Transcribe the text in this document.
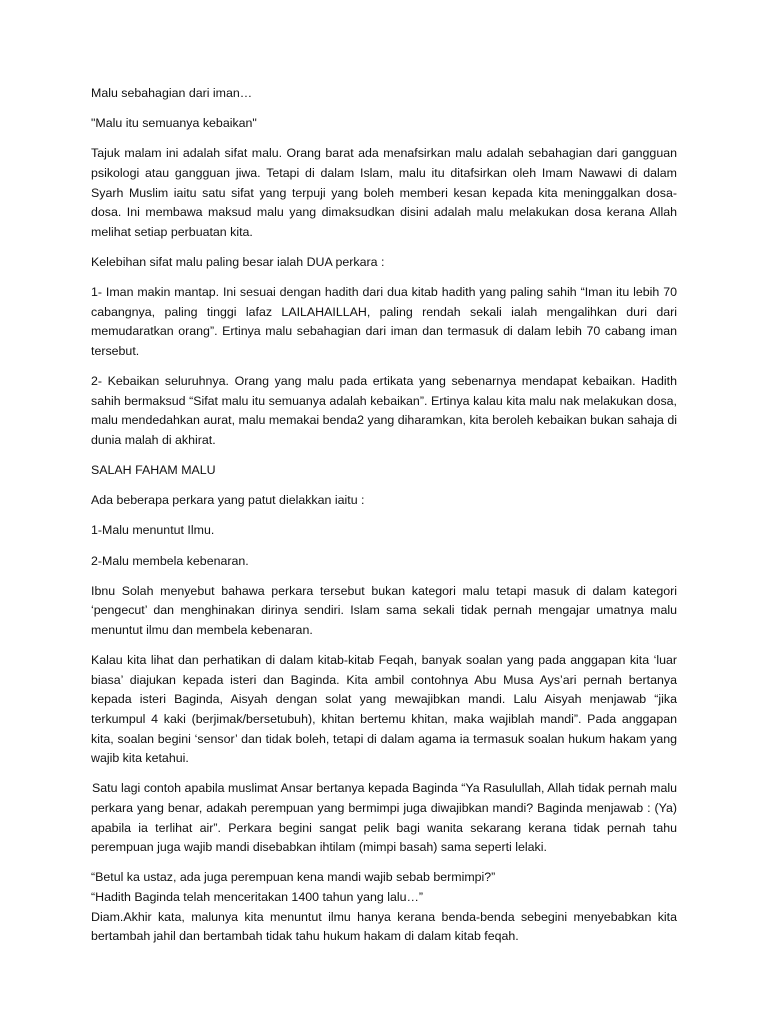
Malu sebahagian dari iman…

"Malu itu semuanya kebaikan"

Tajuk malam ini adalah sifat malu. Orang barat ada menafsirkan malu adalah sebahagian dari gangguan psikologi atau gangguan jiwa. Tetapi di dalam Islam, malu itu ditafsirkan oleh Imam Nawawi di dalam Syarh Muslim iaitu satu sifat yang terpuji yang boleh memberi kesan kepada kita meninggalkan dosa-dosa. Ini membawa maksud malu yang dimaksudkan disini adalah malu melakukan dosa kerana Allah melihat setiap perbuatan kita.

Kelebihan sifat malu paling besar ialah DUA perkara :

1- Iman makin mantap. Ini sesuai dengan hadith dari dua kitab hadith yang paling sahih “Iman itu lebih 70 cabangnya, paling tinggi lafaz LAILAHAILLAH, paling rendah sekali ialah mengalihkan duri dari memudaratkan orang”. Ertinya malu sebahagian dari iman dan termasuk di dalam lebih 70 cabang iman tersebut.

2- Kebaikan seluruhnya. Orang yang malu pada ertikata yang sebenarnya mendapat kebaikan. Hadith sahih bermaksud “Sifat malu itu semuanya adalah kebaikan”. Ertinya kalau kita malu nak melakukan dosa, malu mendedahkan aurat, malu memakai benda2 yang diharamkan, kita beroleh kebaikan bukan sahaja di dunia malah di akhirat.

SALAH FAHAM MALU

Ada beberapa perkara yang patut dielakkan iaitu :

1-Malu menuntut Ilmu.

2-Malu membela kebenaran.

Ibnu Solah menyebut bahawa perkara tersebut bukan kategori malu tetapi masuk di dalam kategori ‘pengecut’ dan menghinakan dirinya sendiri. Islam sama sekali tidak pernah mengajar umatnya malu menuntut ilmu dan membela kebenaran.

Kalau kita lihat dan perhatikan di dalam kitab-kitab Feqah, banyak soalan yang pada anggapan kita ‘luar biasa’ diajukan kepada isteri dan Baginda. Kita ambil contohnya Abu Musa Ays’ari pernah bertanya kepada isteri Baginda, Aisyah dengan solat yang mewajibkan mandi. Lalu Aisyah menjawab “jika terkumpul 4 kaki (berjimak/bersetubuh), khitan bertemu khitan, maka wajiblah mandi”. Pada anggapan kita, soalan begini ‘sensor’ dan tidak boleh, tetapi di dalam agama ia termasuk soalan hukum hakam yang wajib kita ketahui.

Satu lagi contoh apabila muslimat Ansar bertanya kepada Baginda “Ya Rasulullah, Allah tidak pernah malu perkara yang benar, adakah perempuan yang bermimpi juga diwajibkan mandi? Baginda menjawab : (Ya) apabila ia terlihat air”. Perkara begini sangat pelik bagi wanita sekarang kerana tidak pernah tahu perempuan juga wajib mandi disebabkan ihtilam (mimpi basah) sama seperti lelaki.

“Betul ka ustaz, ada juga perempuan kena mandi wajib sebab bermimpi?”

“Hadith Baginda telah menceritakan 1400 tahun yang lalu…”

Diam.Akhir kata, malunya kita menuntut ilmu hanya kerana benda-benda sebegini menyebabkan kita bertambah jahil dan bertambah tidak tahu hukum hakam di dalam kitab feqah.
